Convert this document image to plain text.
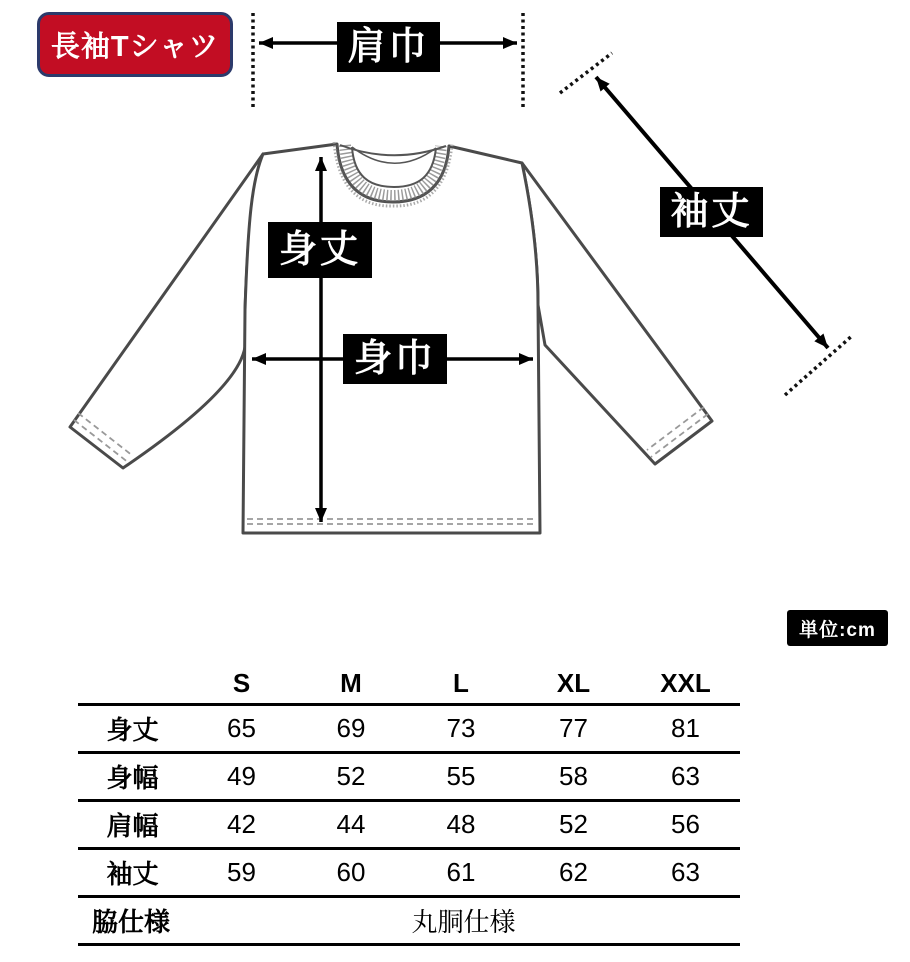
長袖Tシャツ	肩巾
身丈
身巾
袖丈
単位:cm
	S	M	L	XL	XXL
身丈	65	69	73	77	81
身幅	49	52	55	58	63
肩幅	42	44	48	52	56
袖丈	59	60	61	62	63
脇仕様	丸胴仕様				
